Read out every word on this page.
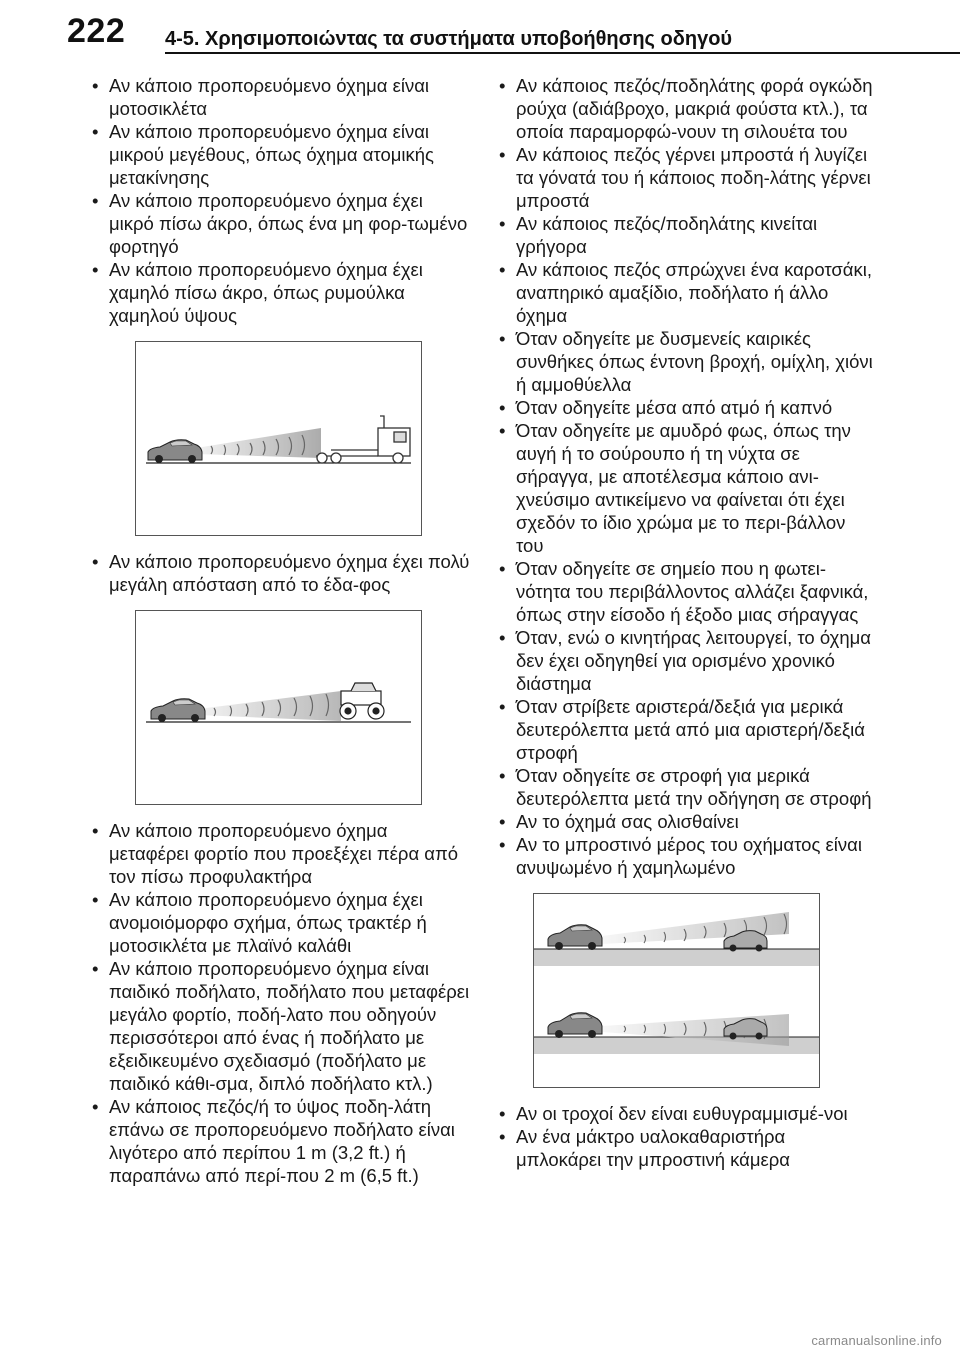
222 4-5. Χρησιμοποιώντας τα συστήματα υποβοήθησης οδηγού
• Αν κάποιο προπορευόμενο όχημα είναι μοτοσικλέτα
• Αν κάποιο προπορευόμενο όχημα είναι μικρού μεγέθους, όπως όχημα ατομικής μετακίνησης
• Αν κάποιο προπορευόμενο όχημα έχει μικρό πίσω άκρο, όπως ένα μη φορ-τωμένο φορτηγό
• Αν κάποιο προπορευόμενο όχημα έχει χαμηλό πίσω άκρο, όπως ρυμούλκα χαμηλού ύψους
• Αν κάποιο προπορευόμενο όχημα έχει πολύ μεγάλη απόσταση από το έδα-φος
• Αν κάποιο προπορευόμενο όχημα μεταφέρει φορτίο που προεξέχει πέρα από τον πίσω προφυλακτήρα
• Αν κάποιο προπορευόμενο όχημα έχει ανομοιόμορφο σχήμα, όπως τρακτέρ ή μοτοσικλέτα με πλαϊνό καλάθι
• Αν κάποιο προπορευόμενο όχημα είναι παιδικό ποδήλατο, ποδήλατο που μεταφέρει μεγάλο φορτίο, ποδή-λατο που οδηγούν περισσότεροι από ένας ή ποδήλατο με εξειδικευμένο σχεδιασμό (ποδήλατο με παιδικό κάθι-σμα, διπλό ποδήλατο κτλ.)
• Αν κάποιος πεζός/ή το ύψος ποδη-λάτη επάνω σε προπορευόμενο ποδήλατο είναι λιγότερο από περίπου 1 m (3,2 ft.) ή παραπάνω από περί-που 2 m (6,5 ft.)
• Αν κάποιος πεζός/ποδηλάτης φορά ογκώδη ρούχα (αδιάβροχο, μακριά φούστα κτλ.), τα οποία παραμορφώ-νουν τη σιλουέτα του
• Αν κάποιος πεζός γέρνει μπροστά ή λυγίζει τα γόνατά του ή κάποιος ποδη-λάτης γέρνει μπροστά
• Αν κάποιος πεζός/ποδηλάτης κινείται γρήγορα
• Αν κάποιος πεζός σπρώχνει ένα καροτσάκι, αναπηρικό αμαξίδιο, ποδήλατο ή άλλο όχημα
• Όταν οδηγείτε με δυσμενείς καιρικές συνθήκες όπως έντονη βροχή, ομίχλη, χιόνι ή αμμοθύελλα
• Όταν οδηγείτε μέσα από ατμό ή καπνό
• Όταν οδηγείτε με αμυδρό φως, όπως την αυγή ή το σούρουπο ή τη νύχτα σε σήραγγα, με αποτέλεσμα κάποιο ανι-χνεύσιμο αντικείμενο να φαίνεται ότι έχει σχεδόν το ίδιο χρώμα με το περι-βάλλον του
• Όταν οδηγείτε σε σημείο που η φωτει-νότητα του περιβάλλοντος αλλάζει ξαφνικά, όπως στην είσοδο ή έξοδο μιας σήραγγας
• Όταν, ενώ ο κινητήρας λειτουργεί, το όχημα δεν έχει οδηγηθεί για ορισμένο χρονικό διάστημα
• Όταν στρίβετε αριστερά/δεξιά για μερικά δευτερόλεπτα μετά από μια αριστερή/δεξιά στροφή
• Όταν οδηγείτε σε στροφή για μερικά δευτερόλεπτα μετά την οδήγηση σε στροφή
• Αν το όχημά σας ολισθαίνει
• Αν το μπροστινό μέρος του οχήματος είναι ανυψωμένο ή χαμηλωμένο
• Αν οι τροχοί δεν είναι ευθυγραμμισμέ-νοι
• Αν ένα μάκτρο υαλοκαθαριστήρα μπλοκάρει την μπροστινή κάμερα
carmanualsonline.info
